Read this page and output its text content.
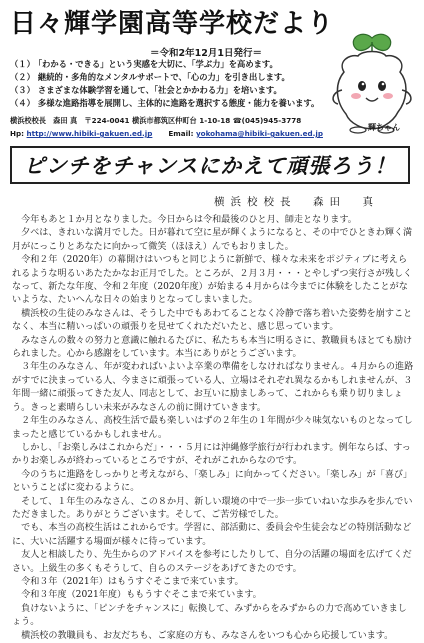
日々輝学園高等学校だより
＝令和2年12月1日発行＝
（１） 「わかる・できる」という実感を大切に、「学ぶ力」を高めます。
（２） 継続的・多角的なメンタルサポートで、「心の力」を引き出します。
（３） さまざまな体験学習を通して、「社会とかかわる力」を培います。
（４） 多様な進路指導を展開し、主体的に進路を選択する態度・能力を養います。
横浜校校長　森田 真　〒224-0041 横浜市都筑区仲町台 1-10-18 ☎(045)945-3778
Hp: http://www.hibiki-gakuen.ed.jp Email: yokohama@hibiki-gakuen.ed.jp
輝ちゃん
ピンチをチャンスにかえて頑張ろう！
横浜校校長　森田　真

今年もあと１か月となりました。今日からは令和最後のひと月、師走となります。

夕べは、きれいな満月でした。日が暮れて空に星が輝くようになると、その中でひときわ輝く満月がにっこりとあなたに向かって微笑（ほほえ）んでもおりました。

令和２年（2020年）の幕開けはいつもと同じように新鮮で、様々な未来をポジティブに考えられるような明るいあたたかなお正月でした。ところが、２月３月・・・とやしずつ実行さが残しくなって、新たな年度、令和２年度（2020年度）が始まる４月からは今までに体験をしたことがないような、たいへんな日々の始まりとなってしまいました。

横浜校の生徒のみなさんは、そうした中でもあわてることなく冷静で落ち着いた姿勢を崩すことなく、本当に精いっぱいの頑張りを見せてくれただいたと、感じ思っています。

みなさんの数々の努力と意識に触れるたびに、私たちも本当に明るさに、教職員もほとても励けられました。心から感謝をしています。本当にありがとうございます。

３年生のみなさん、年が変わればいよいよ卒業の準備をしなければなりません。４月からの進路がすでに決まっている人、今まさに頑張っている人、立場はそれぞれ異なるかもしれませんが、３年間一緒に頑張ってきた友人、同志として、お互いに励ましあって、これからも乗り切りましょう。きっと素晴らしい未来がみなさんの前に開けていきます。

２年生のみなさん、高校生活で最も楽しいはずの２年生の１年間が少々味気ないものとなってしまったと感じているかもしれません。

しかし、「お楽しみはこれからだ」・・・５月には沖縄修学旅行が行われます。例年ならば、すっかりお楽しみが終わっているところですが、それがこれからなのです。

今のうちに進路をしっかりと考えながら、「楽しみ」に向かってください。「楽しみ」が「喜び」ということばに変わるように。

そして、１年生のみなさん、この８か月、新しい環境の中で一歩一歩ていねいな歩みを歩んでいただきました。ありがとうございます。そして、ご苦労様でした。

でも、本当の高校生活はこれからです。学習に、部活動に、委員会や生徒会などの特別活動などに、大いに活躍する場面が様々に待っています。

友人と相談したり、先生からのアドバイスを参考にしたりして、自分の活躍の場面を広げてください。上級生の多くもそうして、自らのステージをあげてきたのです。

令和３年（2021年）はもうすぐそこまで来ています。

令和３年度（2021年度）ももうすぐそこまで来ています。

負けないように、「ピンチをチャンスに」転換して、みずからをみずからの力で高めていきましょう。

横浜校の教職員も、お友だちも、ご家庭の方も、みなさんをいつも心から応援しています。
